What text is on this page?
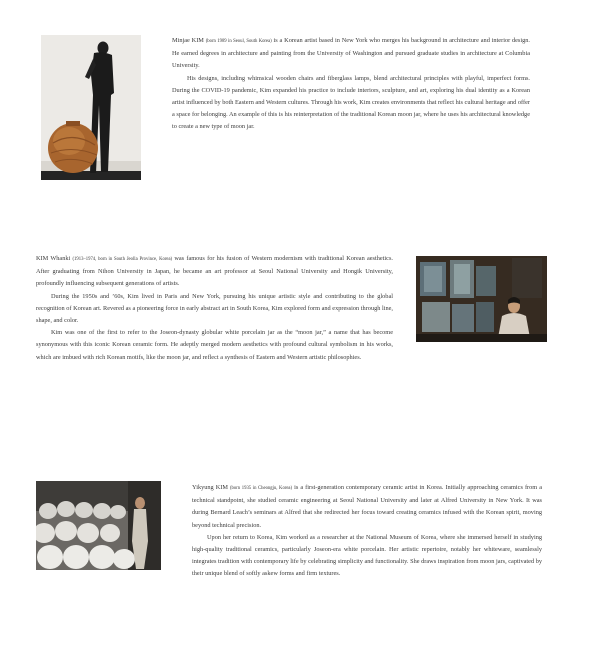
Minjae KIM (born 1989 in Seoul, South Korea) is a Korean artist based in New York who merges his background in architecture and interior design. He earned degrees in architecture and painting from the University of Washington and pursued graduate studies in architecture at Columbia University.

His designs, including whimsical wooden chairs and fiberglass lamps, blend architectural principles with playful, imperfect forms. During the COVID-19 pandemic, Kim expanded his practice to include interiors, sculpture, and art, exploring his dual identity as a Korean artist influenced by both Eastern and Western cultures. Through his work, Kim creates environments that reflect his cultural heritage and offer a space for belonging. An example of this is his reinterpretation of the traditional Korean moon jar, where he uses his architectural knowledge to create a new type of moon jar.

KIM Whanki (1913–1974, born in South Jeolla Province, Korea) was famous for his fusion of Western modernism with traditional Korean aesthetics. After graduating from Nihon University in Japan, he became an art professor at Seoul National University and Hongik University, profoundly influencing subsequent generations of artists.

During the 1950s and ’60s, Kim lived in Paris and New York, pursuing his unique artistic style and contributing to the global recognition of Korean art. Revered as a pioneering force in early abstract art in South Korea, Kim explored form and expression through line, shape, and color.

Kim was one of the first to refer to the Joseon-dynasty globular white porcelain jar as the “moon jar,” a name that has become synonymous with this iconic Korean ceramic form. He adeptly merged modern aesthetics with profound cultural symbolism in his works, which are imbued with rich Korean motifs, like the moon jar, and reflect a synthesis of Eastern and Western artistic philosophies.

Yikyung KIM (born 1935 in Cheongju, Korea) is a first-generation contemporary ceramic artist in Korea. Initially approaching ceramics from a technical standpoint, she studied ceramic engineering at Seoul National University and later at Alfred University in New York. It was during Bernard Leach’s seminars at Alfred that she redirected her focus toward creating ceramics infused with the Korean spirit, moving beyond technical precision.

Upon her return to Korea, Kim worked as a researcher at the National Museum of Korea, where she immersed herself in studying high-quality traditional ceramics, particularly Joseon-era white porcelain. Her artistic repertoire, notably her whiteware, seamlessly integrates tradition with contemporary life by celebrating simplicity and functionality. She draws inspiration from moon jars, captivated by their unique blend of softly askew forms and firm textures.
